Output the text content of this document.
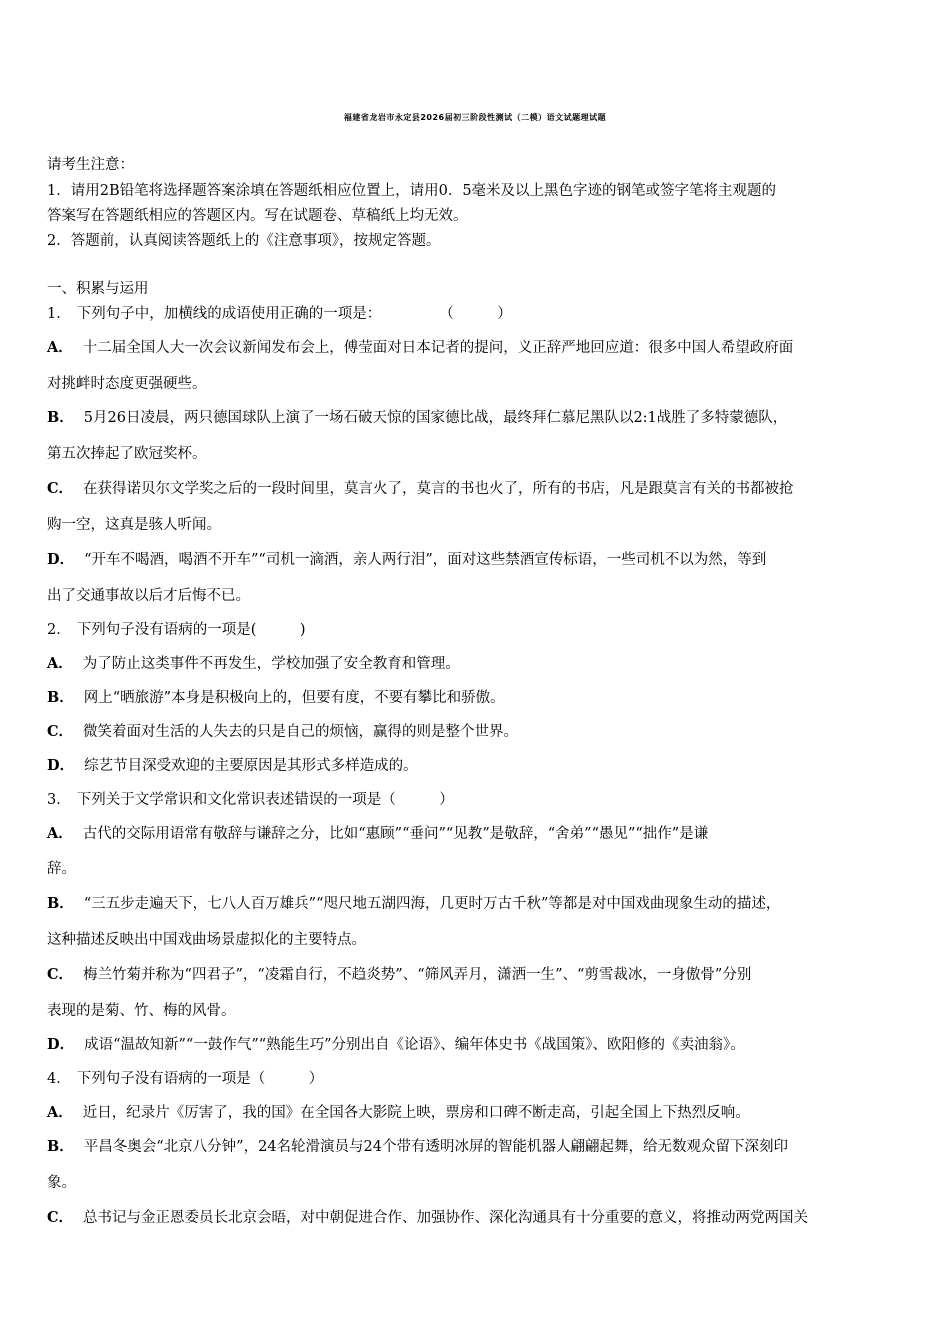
福建省龙岩市永定县2026届初三阶段性测试（二模）语文试题理试题
请考生注意：
1．请用2B铅笔将选择题答案涂填在答题纸相应位置上，请用0．5毫米及以上黑色字迹的钢笔或签字笔将主观题的
答案写在答题纸相应的答题区内。写在试题卷、草稿纸上均无效。
2．答题前，认真阅读答题纸上的《注意事项》，按规定答题。
一、积累与运用
1． 下列句子中，加横线的成语使用正确的一项是：　　　　　（　　　）
A． 十二届全国人大一次会议新闻发布会上，傅莹面对日本记者的提问，义正辞严地回应道：很多中国人希望政府面
对挑衅时态度更强硬些。
B． 5月26日凌晨，两只德国球队上演了一场石破天惊的国家德比战，最终拜仁慕尼黑队以2:1战胜了多特蒙德队，
第五次捧起了欧冠奖杯。
C． 在获得诺贝尔文学奖之后的一段时间里，莫言火了，莫言的书也火了，所有的书店，凡是跟莫言有关的书都被抢
购一空，这真是骇人听闻。
D． “开车不喝酒，喝酒不开车”“司机一滴酒，亲人两行泪”，面对这些禁酒宣传标语，一些司机不以为然，等到
出了交通事故以后才后悔不已。
2． 下列句子没有语病的一项是(　　　)
A． 为了防止这类事件不再发生，学校加强了安全教育和管理。
B． 网上“晒旅游”本身是积极向上的，但要有度，不要有攀比和骄傲。
C． 微笑着面对生活的人失去的只是自己的烦恼，赢得的则是整个世界。
D． 综艺节目深受欢迎的主要原因是其形式多样造成的。
3． 下列关于文学常识和文化常识表述错误的一项是（　　　）
A． 古代的交际用语常有敬辞与谦辞之分，比如“惠顾”“垂问”“见教”是敬辞，“舍弟”“愚见”“拙作”是谦
辞。
B． “三五步走遍天下，七八人百万雄兵”“咫尺地五湖四海，几更时万古千秋”等都是对中国戏曲现象生动的描述，
这种描述反映出中国戏曲场景虚拟化的主要特点。
C． 梅兰竹菊并称为“四君子”，“凌霜自行，不趋炎势”、“筛风弄月，潇洒一生”、“剪雪裁冰，一身傲骨”分别
表现的是菊、竹、梅的风骨。
D． 成语“温故知新”“一鼓作气”“熟能生巧”分别出自《论语》、编年体史书《战国策》、欧阳修的《卖油翁》。
4． 下列句子没有语病的一项是（　　　）
A． 近日，纪录片《厉害了，我的国》在全国各大影院上映，票房和口碑不断走高，引起全国上下热烈反响。
B． 平昌冬奥会“北京八分钟”，24名轮滑演员与24个带有透明冰屏的智能机器人翩翩起舞，给无数观众留下深刻印
象。
C． 总书记与金正恩委员长北京会晤，对中朝促进合作、加强协作、深化沟通具有十分重要的意义，将推动两党两国关
